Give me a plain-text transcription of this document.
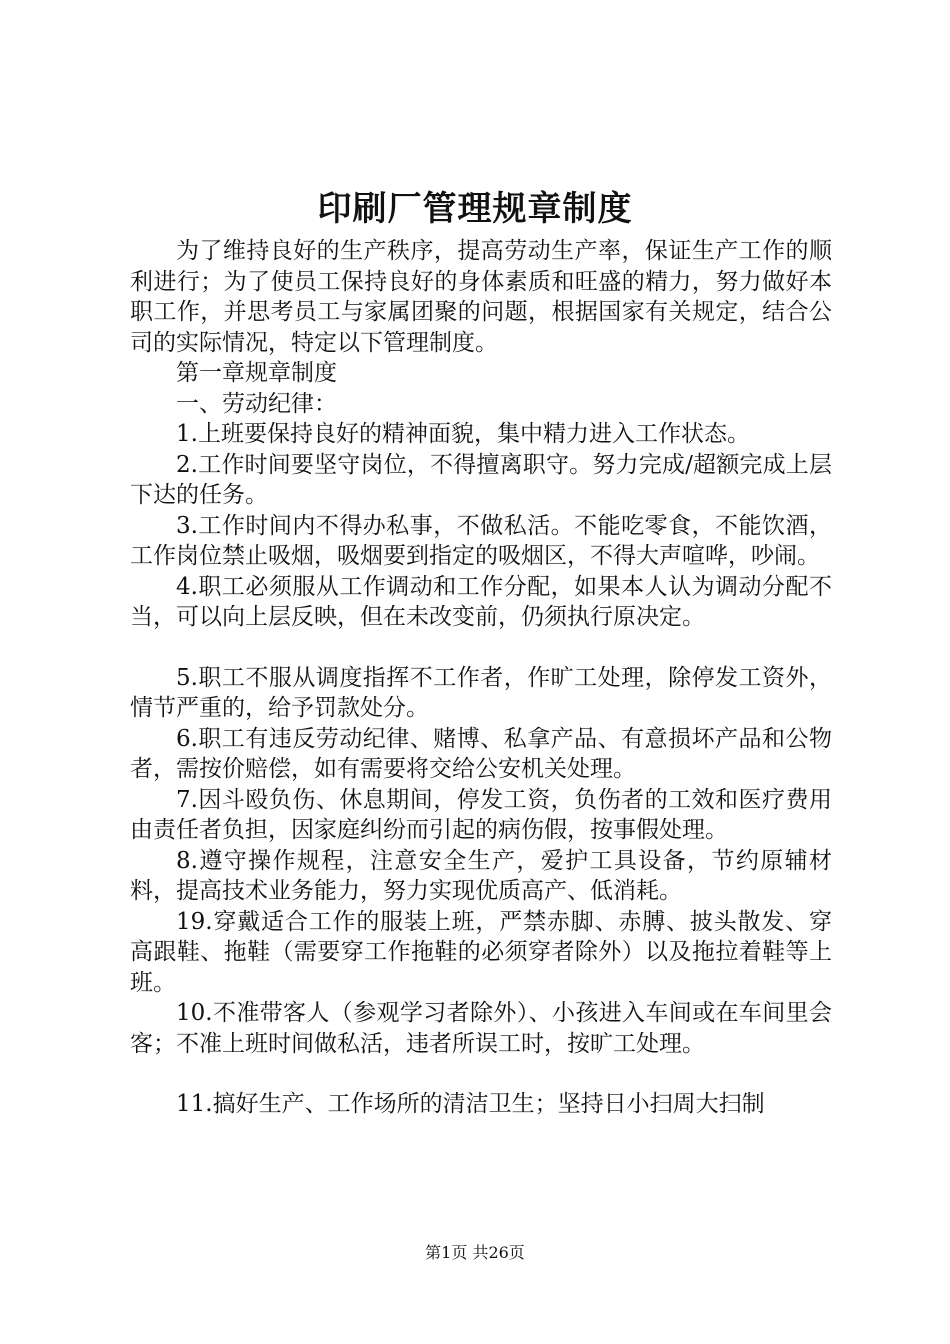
印刷厂管理规章制度

为了维持良好的生产秩序，提高劳动生产率，保证生产工作的顺利进行；为了使员工保持良好的身体素质和旺盛的精力，努力做好本职工作，并思考员工与家属团聚的问题，根据国家有关规定，结合公司的实际情况，特定以下管理制度。

第一章规章制度

一、劳动纪律：

1.上班要保持良好的精神面貌，集中精力进入工作状态。

2.工作时间要坚守岗位，不得擅离职守。努力完成/超额完成上层下达的任务。

3.工作时间内不得办私事，不做私活。不能吃零食，不能饮酒，工作岗位禁止吸烟，吸烟要到指定的吸烟区，不得大声喧哗，吵闹。

4.职工必须服从工作调动和工作分配，如果本人认为调动分配不当，可以向上层反映，但在未改变前，仍须执行原决定。

5.职工不服从调度指挥不工作者，作旷工处理，除停发工资外，情节严重的，给予罚款处分。

6.职工有违反劳动纪律、赌博、私拿产品、有意损坏产品和公物者，需按价赔偿，如有需要将交给公安机关处理。

7.因斗殴负伤、休息期间，停发工资，负伤者的工效和医疗费用由责任者负担，因家庭纠纷而引起的病伤假，按事假处理。

8.遵守操作规程，注意安全生产，爱护工具设备，节约原辅材料，提高技术业务能力，努力实现优质高产、低消耗。

19.穿戴适合工作的服装上班，严禁赤脚、赤膊、披头散发、穿高跟鞋、拖鞋（需要穿工作拖鞋的必须穿者除外）以及拖拉着鞋等上班。

10.不准带客人（参观学习者除外）、小孩进入车间或在车间里会客；不准上班时间做私活，违者所误工时，按旷工处理。

11.搞好生产、工作场所的清洁卫生；坚持日小扫周大扫制

第1页 共26页
